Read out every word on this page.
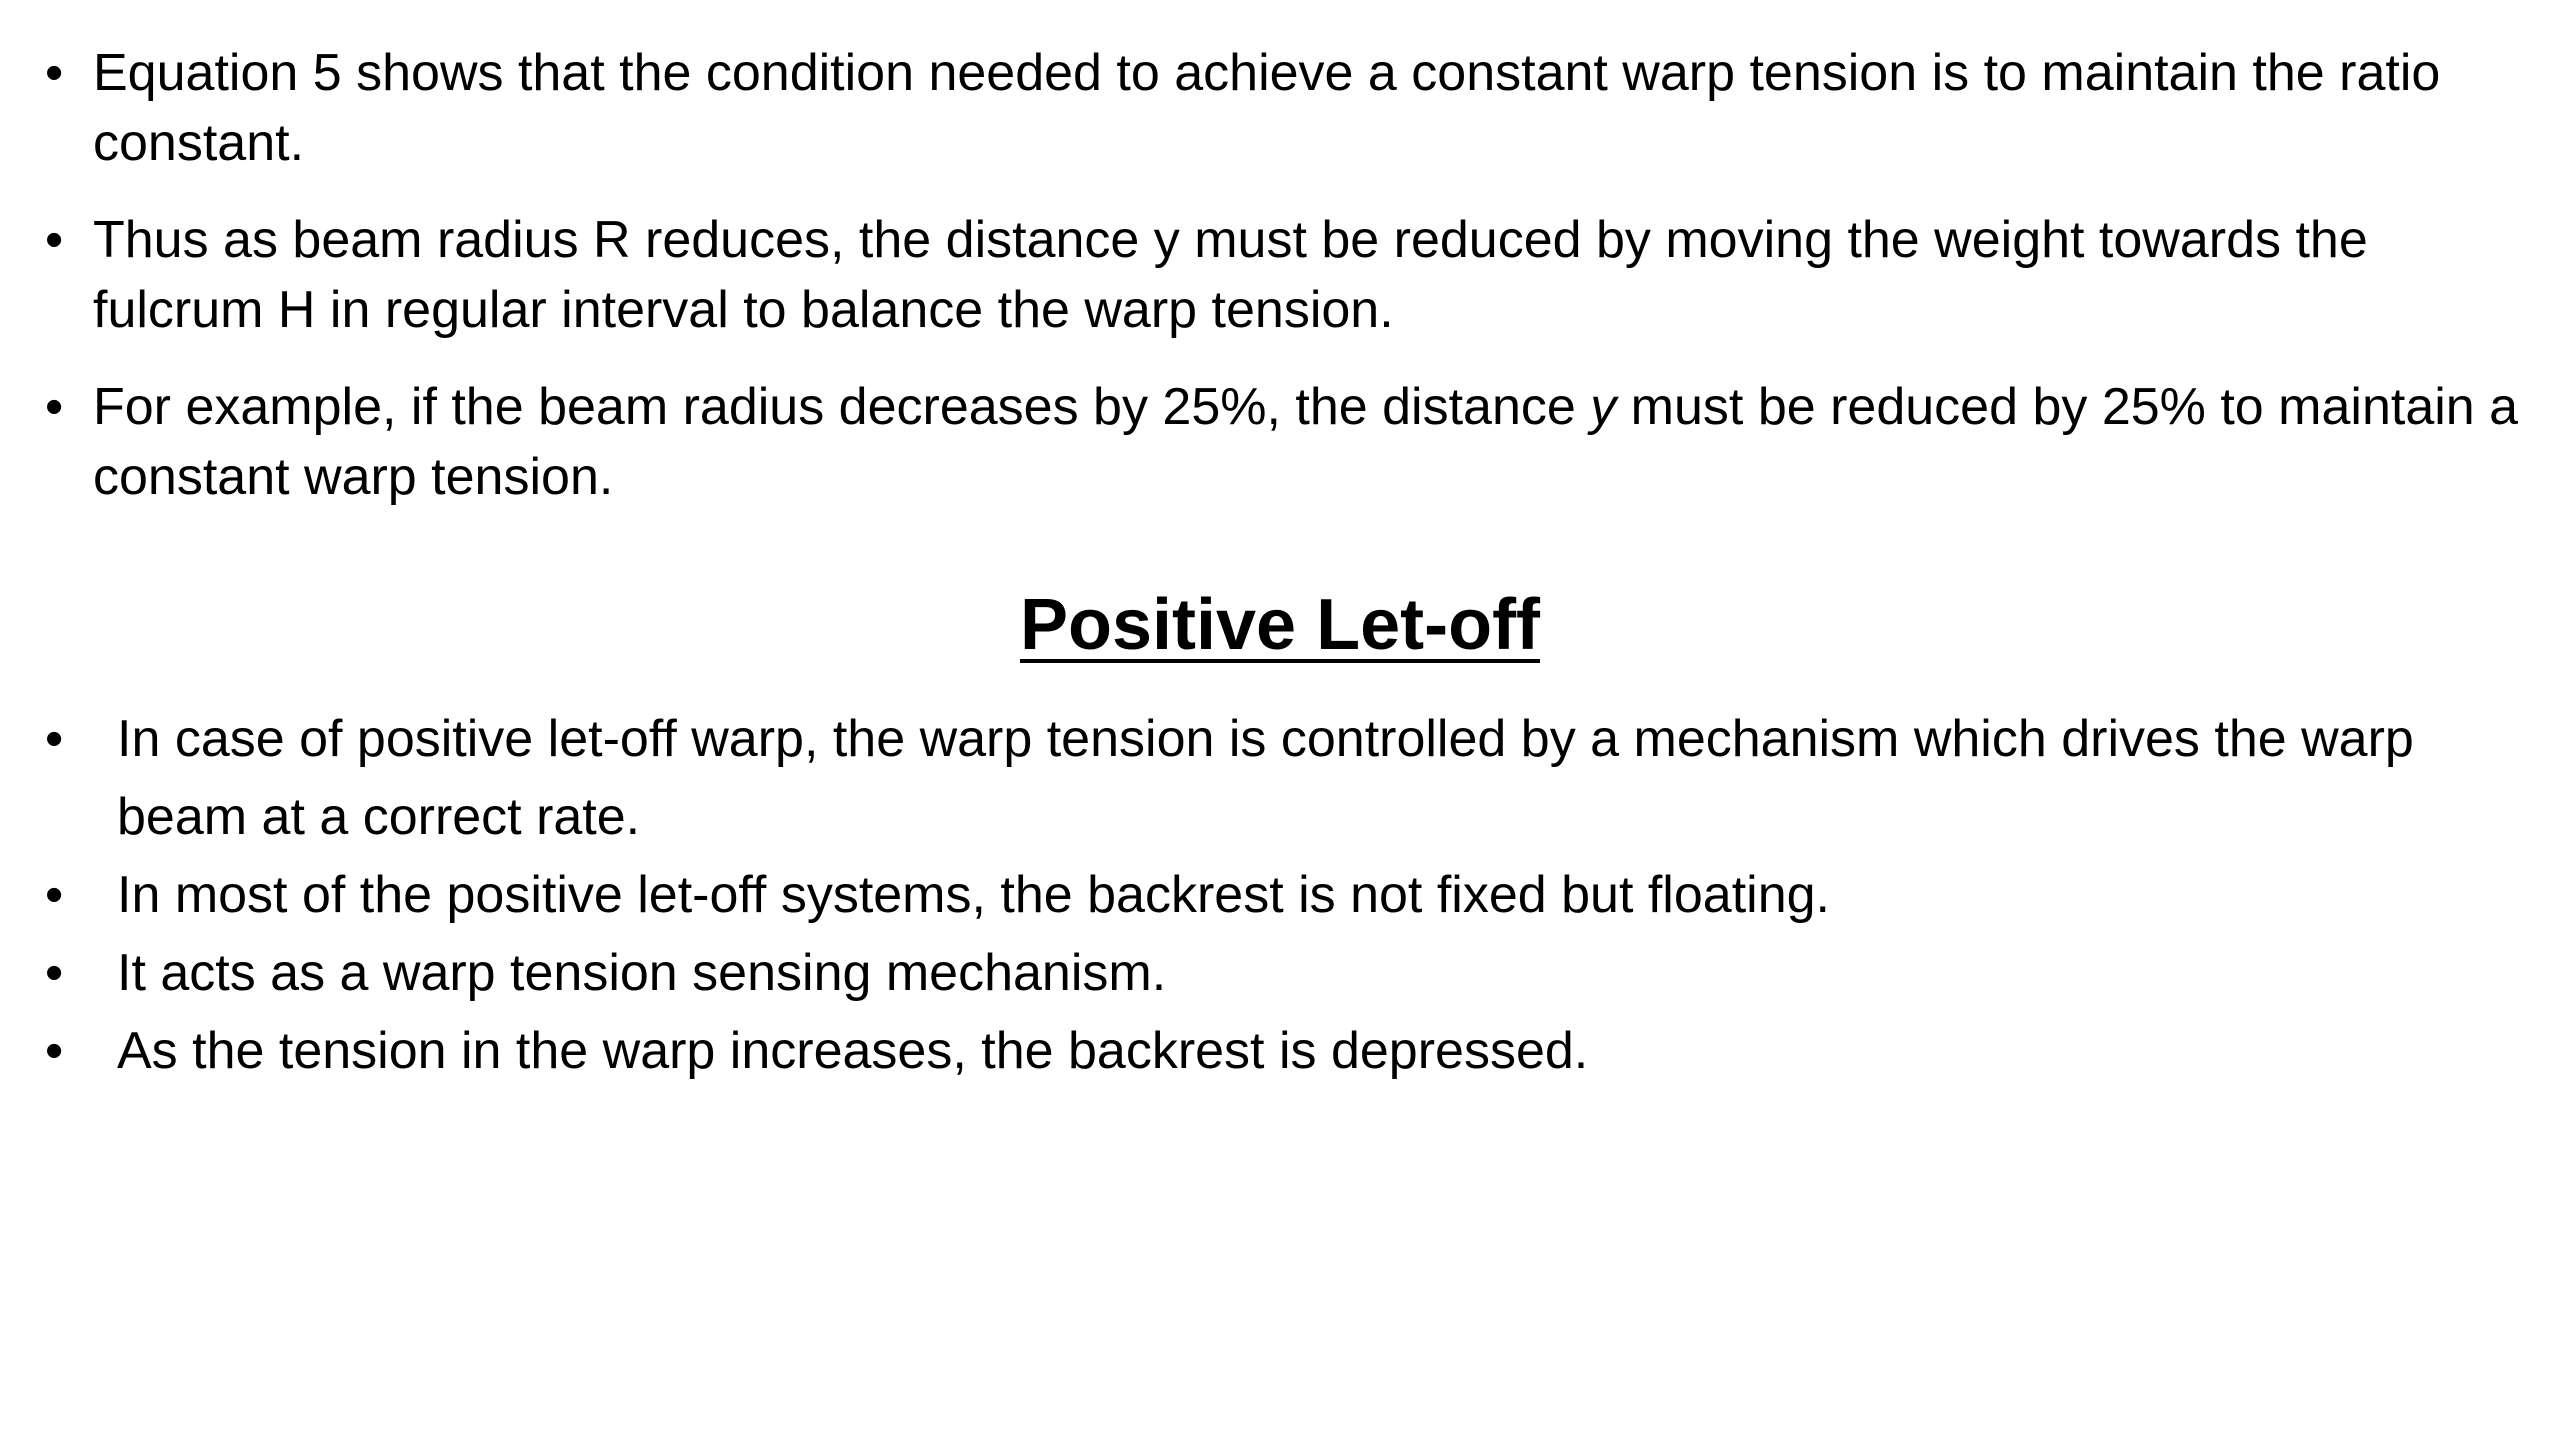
• Equation 5 shows that the condition needed to achieve a constant warp tension is to maintain the ratio constant.
• Thus as beam radius R reduces, the distance y must be reduced by moving the weight towards the fulcrum H in regular interval to balance the warp tension.
• For example, if the beam radius decreases by 25%, the distance y must be reduced by 25% to maintain a constant warp tension.
Positive Let-off
• In case of positive let-off warp, the warp tension is controlled by a mechanism which drives the warp beam at a correct rate.
• In most of the positive let-off systems, the backrest is not fixed but floating.
• It acts as a warp tension sensing mechanism.
• As the tension in the warp increases, the backrest is depressed.
